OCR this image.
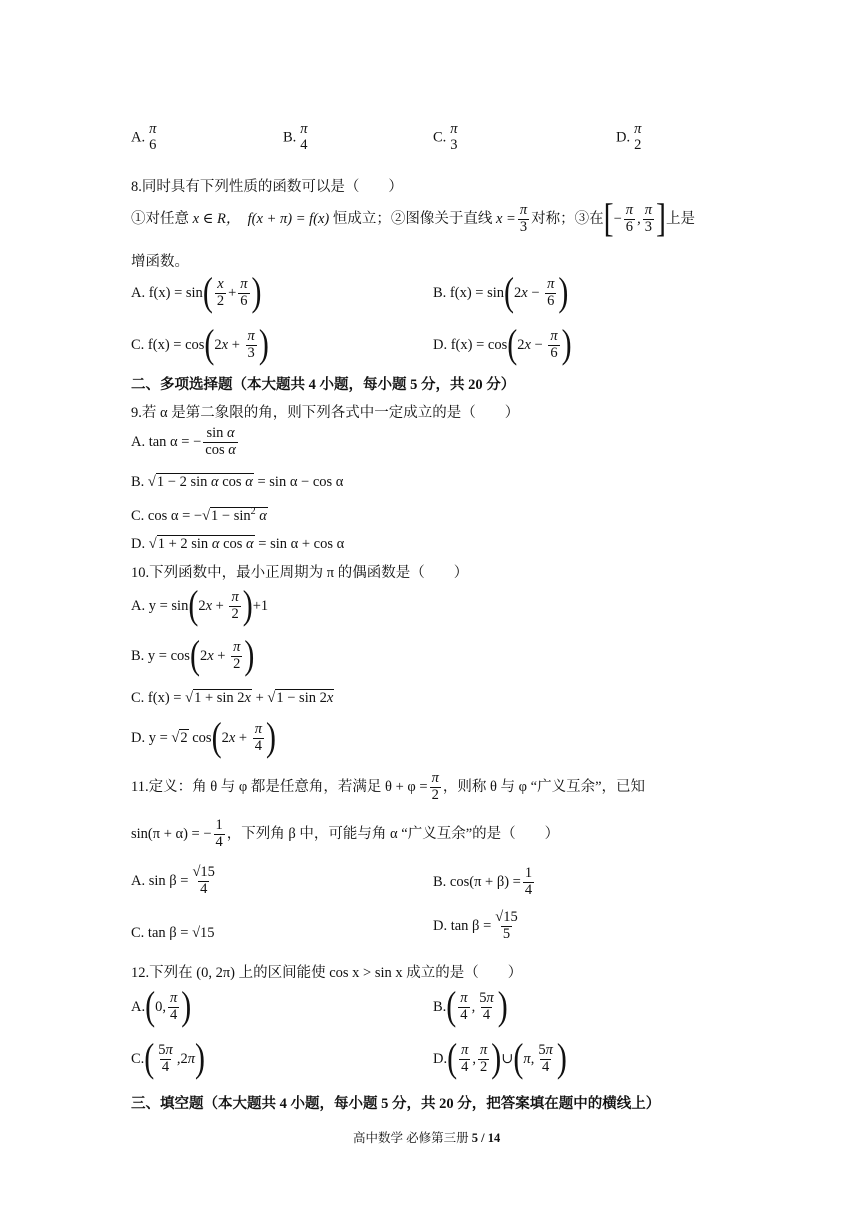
A.
π
6	B.
π
4	C.
π
3	D.
π
2
8.同时具有下列性质的函数可以是（　　）
①对任意 x ∈ R， f(x + π) = f(x) 恒成立；②图像关于直线 $x = \frac{\pi}{3}$ 对称；③在[− $\frac{\pi}{6}$ , $\frac{\pi}{3}$ ]上是
增函数。
A. $f(x) = \sin( \frac{x}{2} + \frac{\pi}{6}$ )	B. $f(x) = \sin(2x - \frac{\pi}{6}$ )
C. $f(x) = \cos(2x + \frac{\pi}{3}$ )	D. $f(x) = \cos(2x - \frac{\pi}{6}$ )
二、多项选择题（本大题共 4 小题，每小题 5 分，共 20 分）
9.若 α 是第二象限的角，则下列各式中一定成立的是（　　）
A. tan α = − $\frac{\text{sin α}}{\text{cos α}}$
B. √1 − 2 sin α cos α = sin α − cos α
C. $\cos \alpha = -√1 - \sin^2 \alpha$
D. √1 + 2 sin α cos α = sin α + cos α
10.下列函数中，最小正周期为 π 的偶函数是（　　）
A. $y = \sin(2x + \frac{\pi}{2} )+1$
B. $y = \cos(2x + \frac{\pi}{2}$ )
C. f(x) = √1 + sin 2x + √1 − sin 2x
D. y = √2 $\cos(2x + \frac{\pi}{4}$ )
11.定义：角 θ 与 φ 都是任意角，若满足 $\theta + \varphi = \frac{\pi}{2}$ ，则称 θ 与 φ “广义互余”，已知
sin(π + α) = − $\frac{1}{4}$ ，下列角 β 中，可能与角 α “广义互余”的是（　　）
A. $\sin \beta = \frac{√15}{4}$	B. $\cos(\pi + \beta) = \frac{1}{4}$
C. tan β = √15	D. $\tan \beta = \frac{√15}{5}$
12.下列在 (0, 2π) 上的区间能使 cos x > sin x 成立的是（　　）
A.(0, $\frac{\pi}{4}$ )	$B.( \frac{\pi}{4}$ , $\frac{5\pi}{4}$ )
$C.( \frac{5\pi}{4} ,2\pi)$	$D.( \frac{\pi}{4}$ , $\frac{\pi}{2}$ )∪(π, $\frac{5\pi}{4}$ )
三、填空题（本大题共 4 小题，每小题 5 分，共 20 分，把答案填在题中的横线上）
高中数学 必修第三册 5 / 14
